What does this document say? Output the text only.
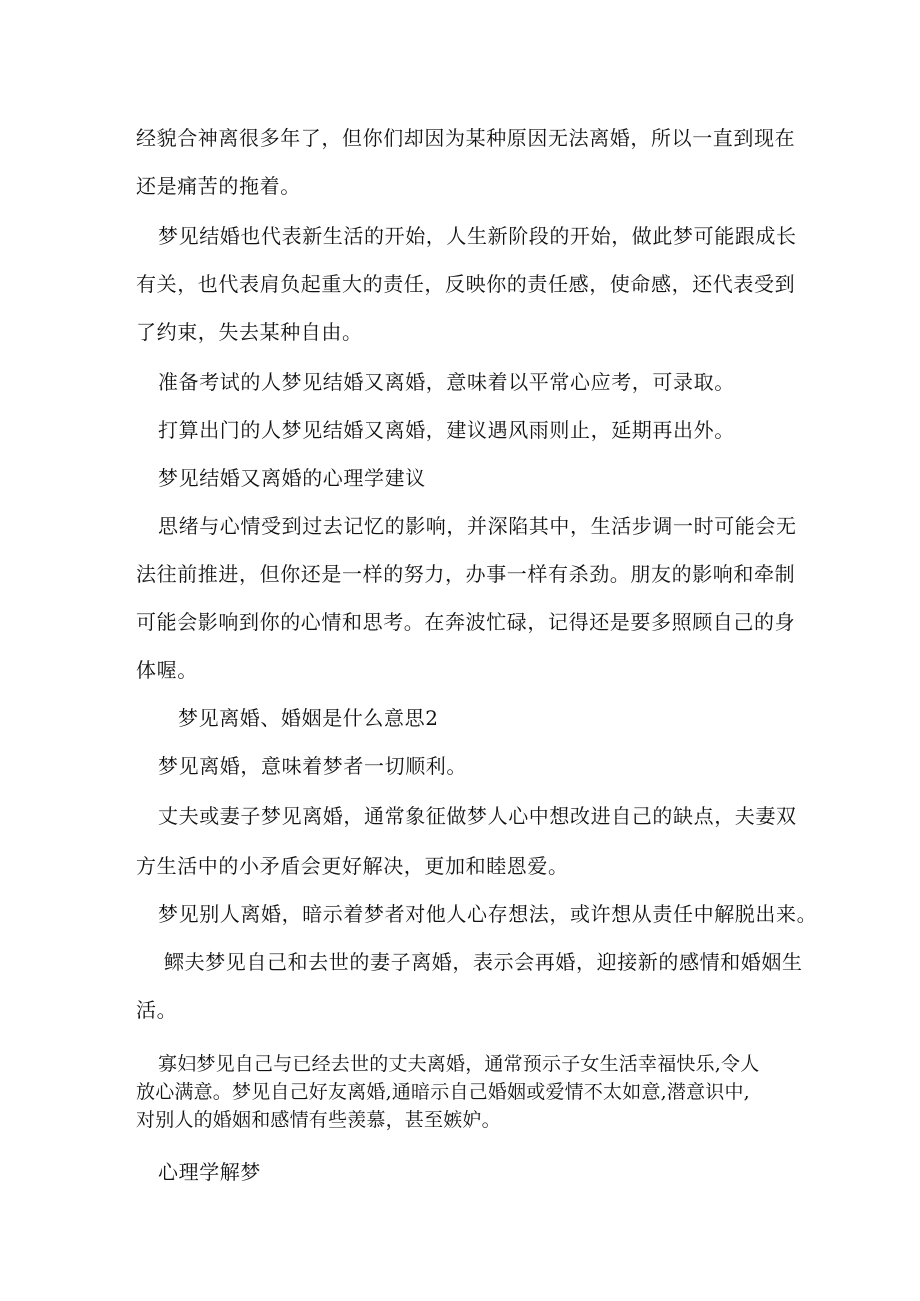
经貌合神离很多年了，但你们却因为某种原因无法离婚，所以一直到现在
还是痛苦的拖着。
梦见结婚也代表新生活的开始，人生新阶段的开始，做此梦可能跟成长
有关，也代表肩负起重大的责任，反映你的责任感，使命感，还代表受到
了约束，失去某种自由。
准备考试的人梦见结婚又离婚，意味着以平常心应考，可录取。
打算出门的人梦见结婚又离婚，建议遇风雨则止，延期再出外。
梦见结婚又离婚的心理学建议
思绪与心情受到过去记忆的影响，并深陷其中，生活步调一时可能会无
法往前推进，但你还是一样的努力，办事一样有杀劲。朋友的影响和牵制
可能会影响到你的心情和思考。在奔波忙碌，记得还是要多照顾自己的身
体喔。
梦见离婚、婚姻是什么意思2
梦见离婚，意味着梦者一切顺利。
丈夫或妻子梦见离婚，通常象征做梦人心中想改进自己的缺点，夫妻双
方生活中的小矛盾会更好解决，更加和睦恩爱。
梦见别人离婚，暗示着梦者对他人心存想法，或许想从责任中解脱出来。
鳏夫梦见自己和去世的妻子离婚，表示会再婚，迎接新的感情和婚姻生
活。
寡妇梦见自己与已经去世的丈夫离婚，通常预示子女生活幸福快乐,令人
放心满意。梦见自己好友离婚,通暗示自己婚姻或爱情不太如意,潜意识中,
对别人的婚姻和感情有些羡慕，甚至嫉妒。
心理学解梦
